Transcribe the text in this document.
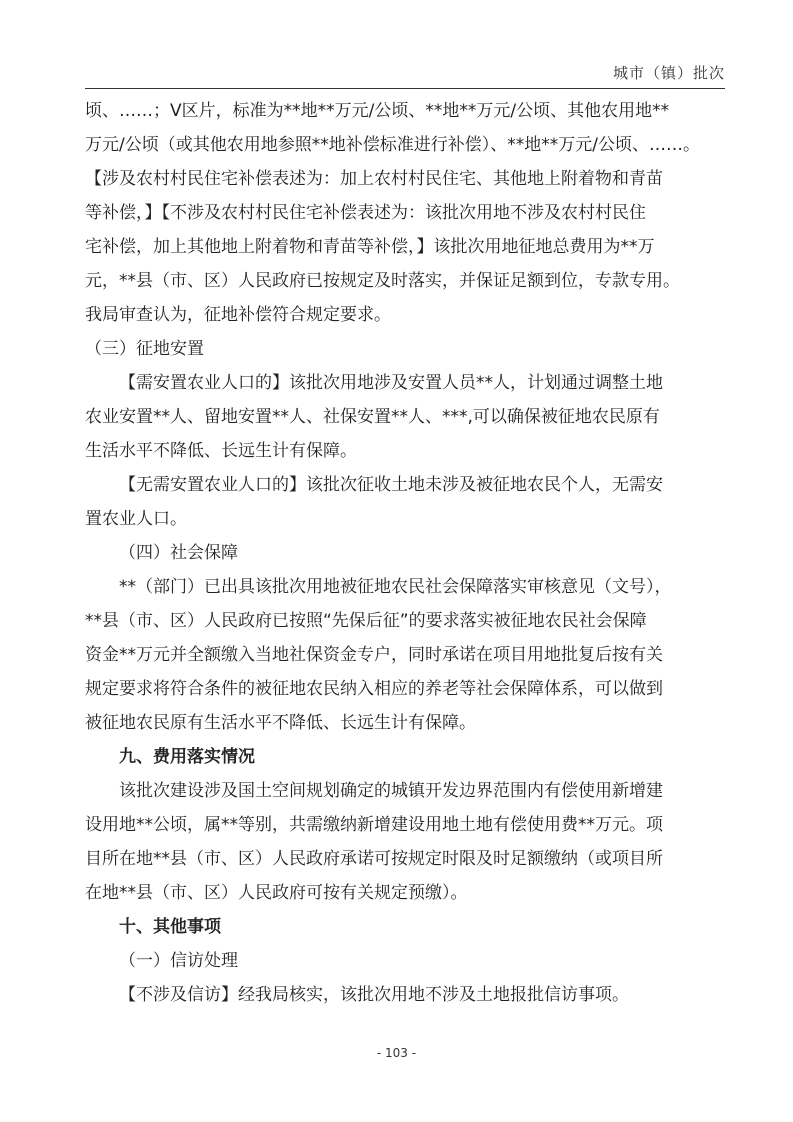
城市（镇）批次
顷、……；Ⅴ区片，标准为**地**万元/公顷、**地**万元/公顷、其他农用地**
万元/公顷（或其他农用地参照**地补偿标准进行补偿）、**地**万元/公顷、……。
【涉及农村村民住宅补偿表述为：加上农村村民住宅、其他地上附着物和青苗
等补偿，】【不涉及农村村民住宅补偿表述为：该批次用地不涉及农村村民住
宅补偿，加上其他地上附着物和青苗等补偿，】该批次用地征地总费用为**万
元，**县（市、区）人民政府已按规定及时落实，并保证足额到位，专款专用。
我局审查认为，征地补偿符合规定要求。
（三）征地安置
【需安置农业人口的】该批次用地涉及安置人员**人，计划通过调整土地
农业安置**人、留地安置**人、社保安置**人、***,可以确保被征地农民原有
生活水平不降低、长远生计有保障。
【无需安置农业人口的】该批次征收土地未涉及被征地农民个人，无需安
置农业人口。
（四）社会保障
**（部门）已出具该批次用地被征地农民社会保障落实审核意见（文号），
**县（市、区）人民政府已按照“先保后征”的要求落实被征地农民社会保障
资金**万元并全额缴入当地社保资金专户，同时承诺在项目用地批复后按有关
规定要求将符合条件的被征地农民纳入相应的养老等社会保障体系，可以做到
被征地农民原有生活水平不降低、长远生计有保障。
九、费用落实情况
该批次建设涉及国土空间规划确定的城镇开发边界范围内有偿使用新增建
设用地**公顷，属**等别，共需缴纳新增建设用地土地有偿使用费**万元。项
目所在地**县（市、区）人民政府承诺可按规定时限及时足额缴纳（或项目所
在地**县（市、区）人民政府可按有关规定预缴）。
十、其他事项
（一）信访处理
【不涉及信访】经我局核实，该批次用地不涉及土地报批信访事项。
- 103 -
